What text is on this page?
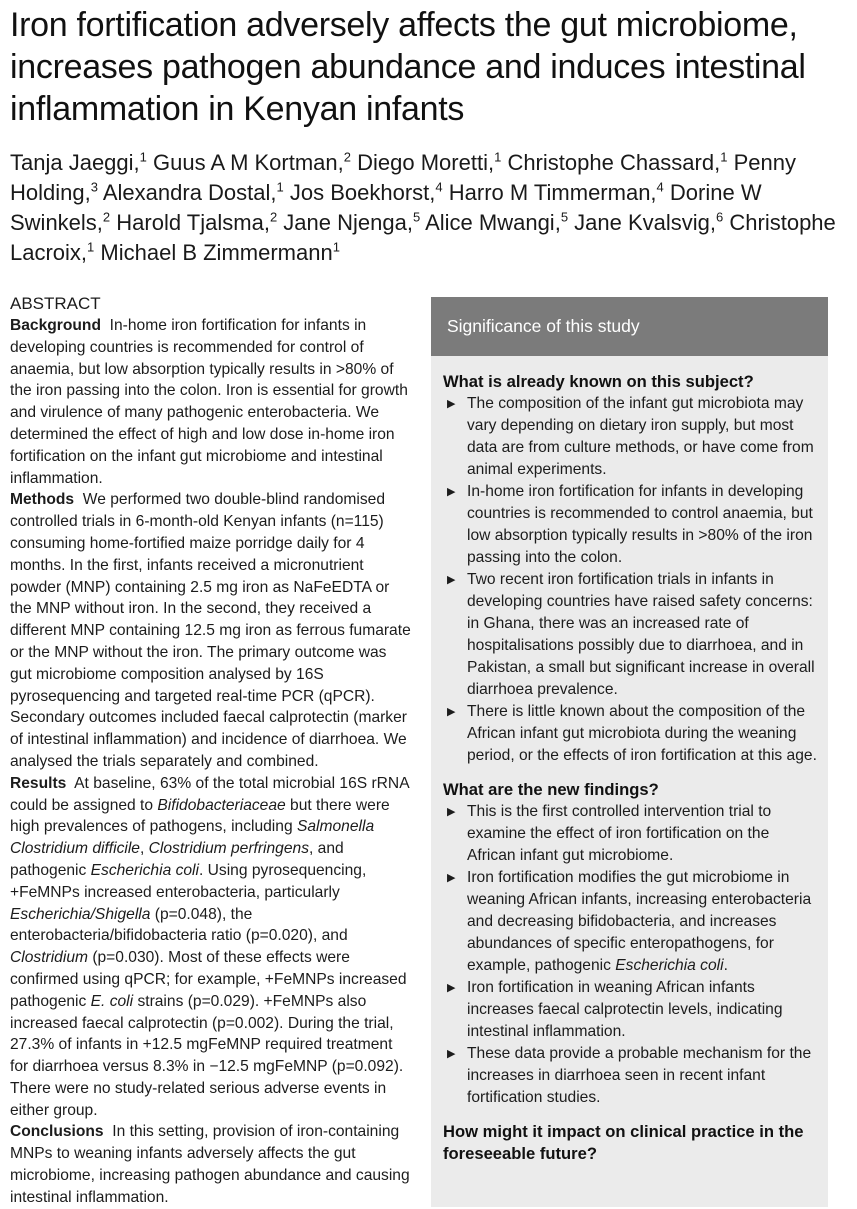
Iron fortification adversely affects the gut microbiome, increases pathogen abundance and induces intestinal inflammation in Kenyan infants
Tanja Jaeggi,$^1$ Guus A M Kortman,$^2$ Diego Moretti,$^1$ Christophe Chassard,$^1$ Penny Holding,$^3$ Alexandra Dostal,$^1$ Jos Boekhorst,$^4$ Harro M Timmerman,$^4$ Dorine W Swinkels,$^2$ Harold Tjalsma,$^2$ Jane Njenga,$^5$ Alice Mwangi,$^5$ Jane Kvalsvig,$^6$ Christophe Lacroix,$^1$ Michael B Zimmermann$^1$
ABSTRACT

Background In-home iron fortification for infants in developing countries is recommended for control of anaemia, but low absorption typically results in >80% of the iron passing into the colon. Iron is essential for growth and virulence of many pathogenic enterobacteria. We determined the effect of high and low dose in-home iron fortification on the infant gut microbiome and intestinal inflammation.

Methods We performed two double-blind randomised controlled trials in 6-month-old Kenyan infants (n=115) consuming home-fortified maize porridge daily for 4 months. In the first, infants received a micronutrient powder (MNP) containing 2.5 mg iron as NaFeEDTA or the MNP without iron. In the second, they received a different MNP containing 12.5 mg iron as ferrous fumarate or the MNP without the iron. The primary outcome was gut microbiome composition analysed by 16S pyrosequencing and targeted real-time PCR (qPCR). Secondary outcomes included faecal calprotectin (marker of intestinal inflammation) and incidence of diarrhoea. We analysed the trials separately and combined.

Results At baseline, 63% of the total microbial 16S rRNA could be assigned to Bifidobacteriaceae but there were high prevalences of pathogens, including Salmonella Clostridium difficile, Clostridium perfringens, and pathogenic Escherichia coli. Using pyrosequencing, +FeMNPs increased enterobacteria, particularly Escherichia/Shigella (p=0.048), the enterobacteria/bifidobacteria ratio (p=0.020), and Clostridium (p=0.030). Most of these effects were confirmed using qPCR; for example, +FeMNPs increased pathogenic E. coli strains (p=0.029). +FeMNPs also increased faecal calprotectin (p=0.002). During the trial, 27.3% of infants in +12.5 mgFeMNP required treatment for diarrhoea versus 8.3% in −12.5 mgFeMNP (p=0.092). There were no study-related serious adverse events in either group.

Conclusions In this setting, provision of iron-containing MNPs to weaning infants adversely affects the gut microbiome, increasing pathogen abundance and causing intestinal inflammation.

Significance of this study
What is already known on this subject?
▶ The composition of the infant gut microbiota may vary depending on dietary iron supply, but most data are from culture methods, or have come from animal experiments.
▶ In-home iron fortification for infants in developing countries is recommended to control anaemia, but low absorption typically results in >80% of the iron passing into the colon.
▶ Two recent iron fortification trials in infants in developing countries have raised safety concerns: in Ghana, there was an increased rate of hospitalisations possibly due to diarrhoea, and in Pakistan, a small but significant increase in overall diarrhoea prevalence.
▶ There is little known about the composition of the African infant gut microbiota during the weaning period, or the effects of iron fortification at this age.
What are the new findings?
▶ This is the first controlled intervention trial to examine the effect of iron fortification on the African infant gut microbiome.
▶ Iron fortification modifies the gut microbiome in weaning African infants, increasing enterobacteria and decreasing bifidobacteria, and increases abundances of specific enteropathogens, for example, pathogenic Escherichia coli.
▶ Iron fortification in weaning African infants increases faecal calprotectin levels, indicating intestinal inflammation.
▶ These data provide a probable mechanism for the increases in diarrhoea seen in recent infant fortification studies.
How might it impact on clinical practice in the foreseeable future?
